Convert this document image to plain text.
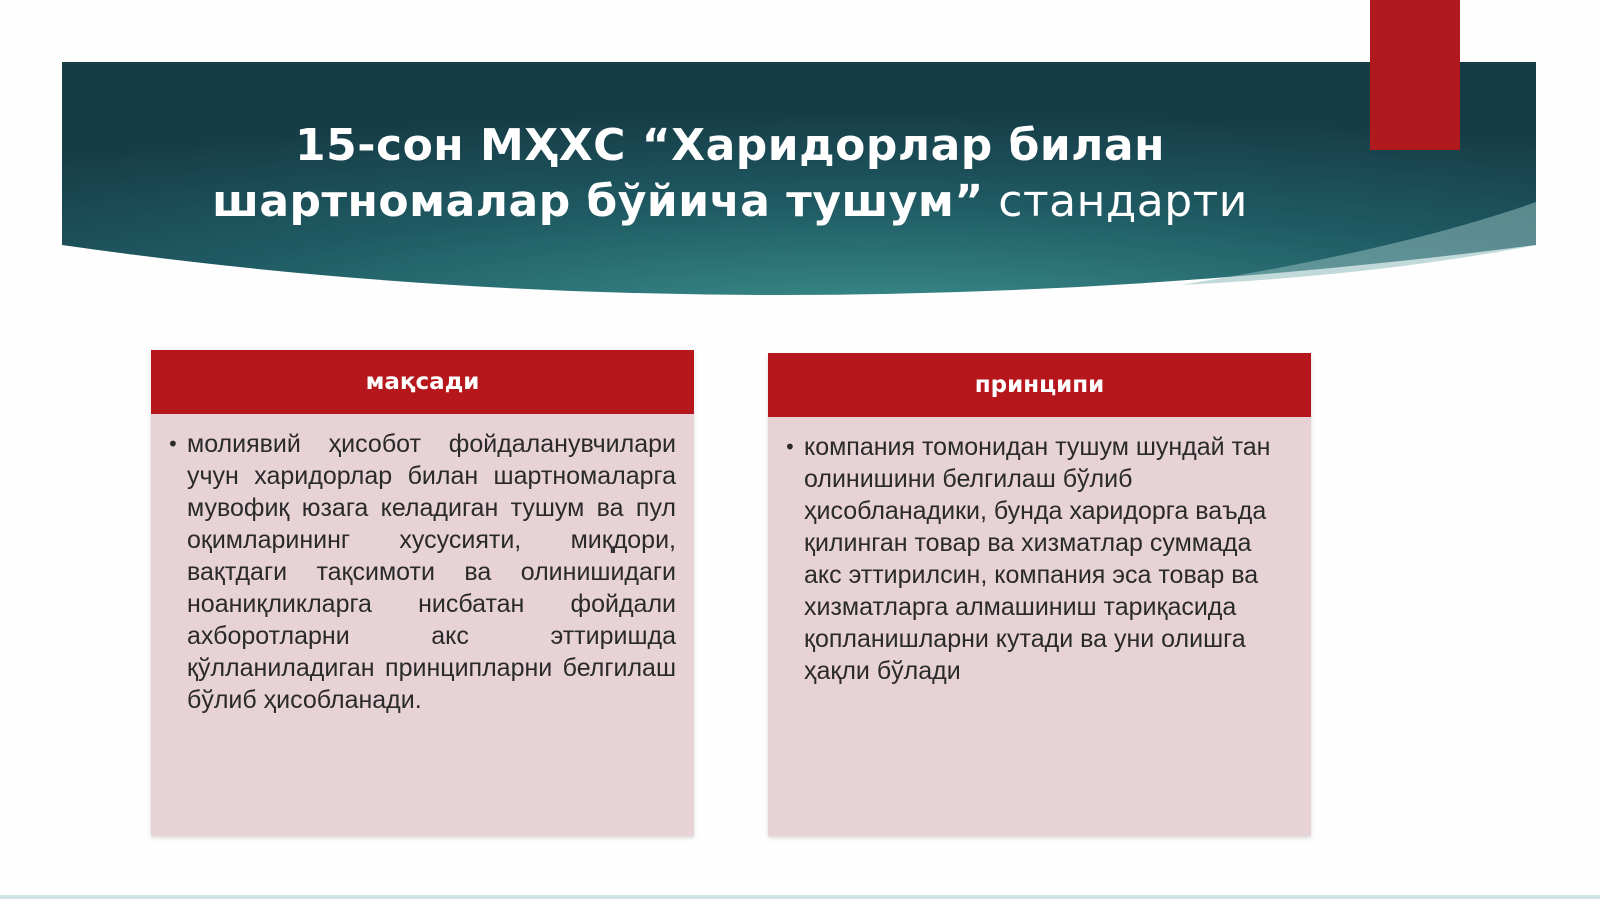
15-сон МҲХС “Харидорлар билан шартномалар бўйича тушум” стандарти
мақсади
• молиявий ҳисобот фойдаланувчилари учун харидорлар билан шартномаларга мувофиқ юзага келадиган тушум ва пул оқимларининг хусусияти, миқдори, вақтдаги тақсимоти ва олинишидаги ноаниқликларга нисбатан фойдали ахборотларни акс эттиришда қўлланиладиган принципларни белгилаш бўлиб ҳисобланади.
принципи
• компания томонидан тушум шундай тан олинишини белгилаш бўлиб ҳисобланадики, бунда харидорга ваъда қилинган товар ва хизматлар суммада акс эттирилсин, компания эса товар ва хизматларга алмашиниш тариқасида қопланишларни кутади ва уни олишга ҳақли бўлади
